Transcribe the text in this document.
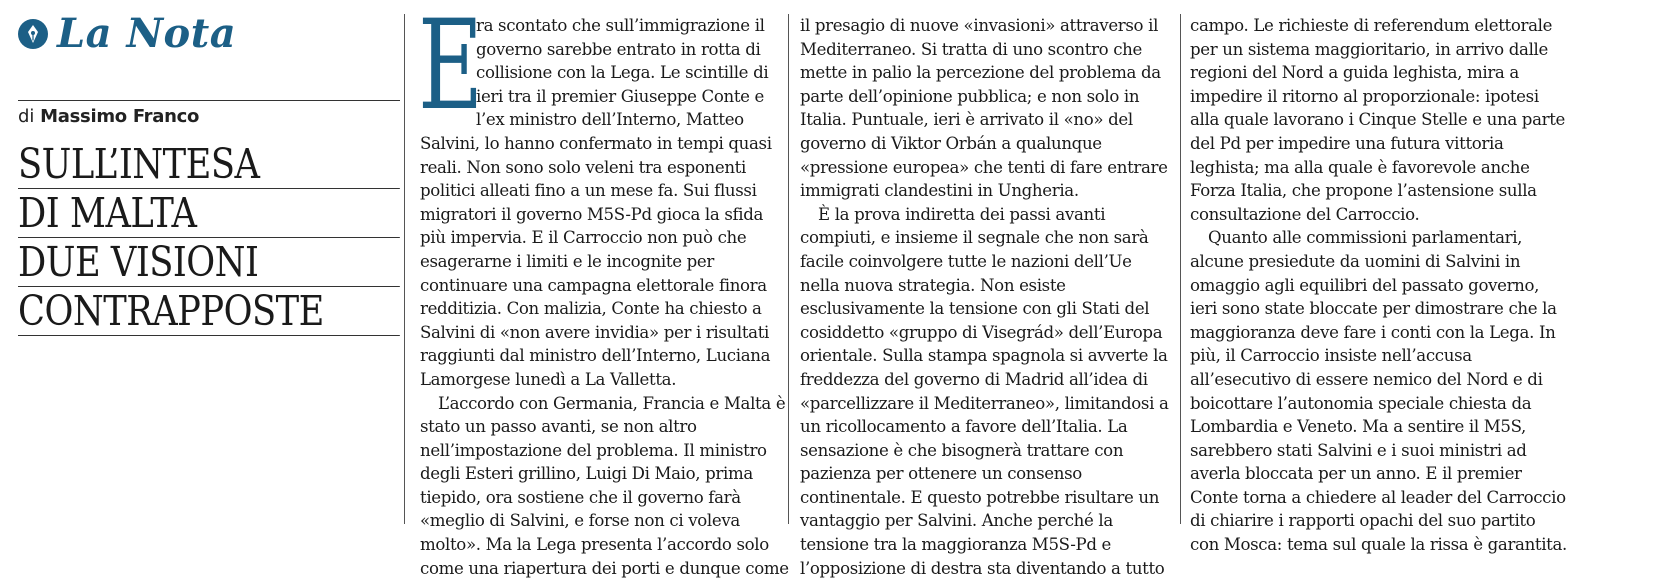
La Nota
di Massimo Franco
SULL’INTESA
DI MALTA
DUE VISIONI
CONTRAPPOSTE
E
ra scontato che sull’immigrazione il
governo sarebbe entrato in rotta di
collisione con la Lega. Le scintille di
ieri tra il premier Giuseppe Conte e
l’ex ministro dell’Interno, Matteo
Salvini, lo hanno confermato in tempi quasi
reali. Non sono solo veleni tra esponenti
politici alleati fino a un mese fa. Sui flussi
migratori il governo M5S-Pd gioca la sfida
più impervia. E il Carroccio non può che
esagerarne i limiti e le incognite per
continuare una campagna elettorale finora
redditizia. Con malizia, Conte ha chiesto a
Salvini di «non avere invidia» per i risultati
raggiunti dal ministro dell’Interno, Luciana
Lamorgese lunedì a La Valletta.
L’accordo con Germania, Francia e Malta è
stato un passo avanti, se non altro
nell’impostazione del problema. Il ministro
degli Esteri grillino, Luigi Di Maio, prima
tiepido, ora sostiene che il governo farà
«meglio di Salvini, e forse non ci voleva
molto». Ma la Lega presenta l’accordo solo
come una riapertura dei porti e dunque come
il presagio di nuove «invasioni» attraverso il
Mediterraneo. Si tratta di uno scontro che
mette in palio la percezione del problema da
parte dell’opinione pubblica; e non solo in
Italia. Puntuale, ieri è arrivato il «no» del
governo di Viktor Orbán a qualunque
«pressione europea» che tenti di fare entrare
immigrati clandestini in Ungheria.
È la prova indiretta dei passi avanti
compiuti, e insieme il segnale che non sarà
facile coinvolgere tutte le nazioni dell’Ue
nella nuova strategia. Non esiste
esclusivamente la tensione con gli Stati del
cosiddetto «gruppo di Visegrád» dell’Europa
orientale. Sulla stampa spagnola si avverte la
freddezza del governo di Madrid all’idea di
«parcellizzare il Mediterraneo», limitandosi a
un ricollocamento a favore dell’Italia. La
sensazione è che bisognerà trattare con
pazienza per ottenere un consenso
continentale. E questo potrebbe risultare un
vantaggio per Salvini. Anche perché la
tensione tra la maggioranza M5S-Pd e
l’opposizione di destra sta diventando a tutto
campo. Le richieste di referendum elettorale
per un sistema maggioritario, in arrivo dalle
regioni del Nord a guida leghista, mira a
impedire il ritorno al proporzionale: ipotesi
alla quale lavorano i Cinque Stelle e una parte
del Pd per impedire una futura vittoria
leghista; ma alla quale è favorevole anche
Forza Italia, che propone l’astensione sulla
consultazione del Carroccio.
Quanto alle commissioni parlamentari,
alcune presiedute da uomini di Salvini in
omaggio agli equilibri del passato governo,
ieri sono state bloccate per dimostrare che la
maggioranza deve fare i conti con la Lega. In
più, il Carroccio insiste nell’accusa
all’esecutivo di essere nemico del Nord e di
boicottare l’autonomia speciale chiesta da
Lombardia e Veneto. Ma a sentire il M5S,
sarebbero stati Salvini e i suoi ministri ad
averla bloccata per un anno. E il premier
Conte torna a chiedere al leader del Carroccio
di chiarire i rapporti opachi del suo partito
con Mosca: tema sul quale la rissa è garantita.
